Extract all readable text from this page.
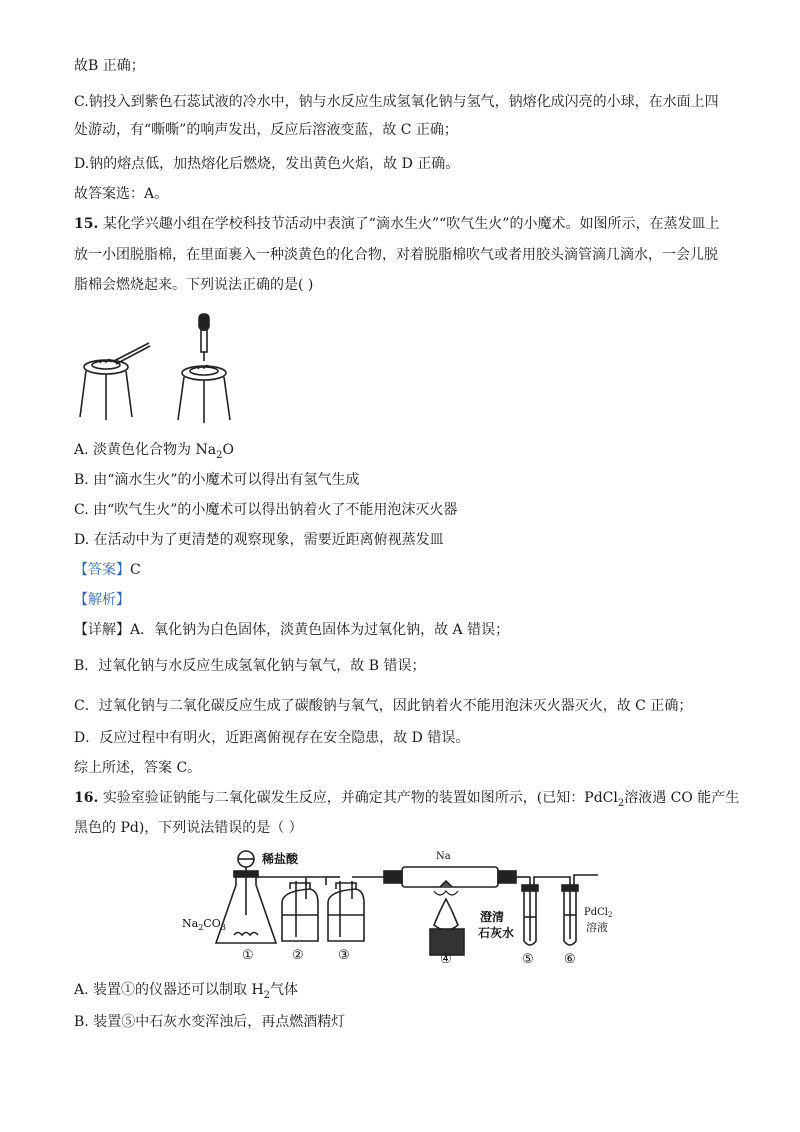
故B 正确；
C.钠投入到紫色石蕊试液的冷水中，钠与水反应生成氢氧化钠与氢气，钠熔化成闪亮的小球，在水面上四
处游动，有“嘶嘶”的响声发出，反应后溶液变蓝，故 C 正确；
D.钠的熔点低，加热熔化后燃烧，发出黄色火焰，故 D 正确。
故答案选：A。
15. 某化学兴趣小组在学校科技节活动中表演了“滴水生火”“吹气生火”的小魔术。如图所示，在蒸发皿上
放一小团脱脂棉，在里面裹入一种淡黄色的化合物，对着脱脂棉吹气或者用胶头滴管滴几滴水，一会儿脱
脂棉会燃烧起来。下列说法正确的是( )
A. 淡黄色化合物为 $Na_2O$
B. 由“滴水生火”的小魔术可以得出有氢气生成
C. 由“吹气生火”的小魔术可以得出钠着火了不能用泡沫灭火器
D. 在活动中为了更清楚的观察现象，需要近距离俯视蒸发皿
【答案】C
【解析】
【详解】A．氧化钠为白色固体，淡黄色固体为过氧化钠，故 A 错误；
B．过氧化钠与水反应生成氢氧化钠与氧气，故 B 错误；
C．过氧化钠与二氧化碳反应生成了碳酸钠与氧气，因此钠着火不能用泡沫灭火器灭火，故 C 正确；
D．反应过程中有明火，近距离俯视存在安全隐患，故 D 错误。
综上所述，答案 C。
16. 实验室验证钠能与二氧化碳发生反应，并确定其产物的装置如图所示，(已知：PdCl$_2$溶液遇 CO 能产生
黑色的 Pd)，下列说法错误的是（ ）
稀盐酸	Na
$Na_2CO_3$
澄清
石灰水
PdCl$_2$
溶液
①	②	③	④	⑤ ⑥
A. 装置①的仪器还可以制取 $H_2$气体
B. 装置⑤中石灰水变浑浊后，再点燃酒精灯
